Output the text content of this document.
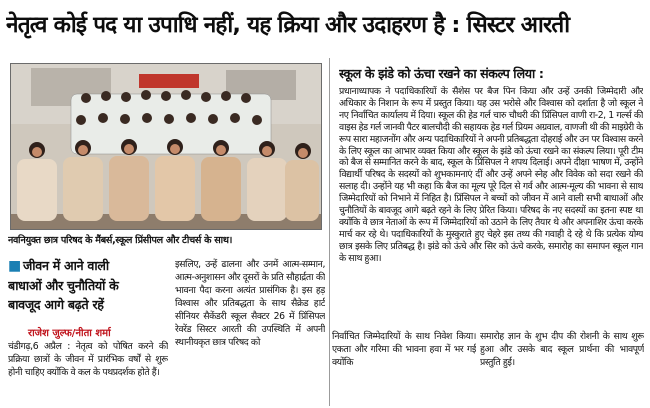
नेतृत्व कोई पद या उपाधि नहीं, यह क्रिया और उदाहरण है : सिस्टर आरती
नवनियुक्त छात्र परिषद के मैंबर्स,स्कूल प्रिंसीपल और टीचर्स के साथ।
■ जीवन में आने वाली
बाधाओं और चुनौतियों के
बावजूद आगे बढ़ते रहें
राजेश जुल्फ/नीता शर्मा

चंडीगढ़,6 अप्रैल : नेतृत्व को पोषित करने की प्रक्रिया छात्रों के जीवन में प्रारंभिक वर्षों से शुरू होनी चाहिए क्योंकि वे कल के पथप्रदर्शक होते हैं।

इसलिए, उन्हें ढालना और उनमें आत्म-सम्मान, आत्म-अनुशासन और दूसरों के प्रति सौहार्द्रता की भावना पैदा करना अत्यंत प्रासंगिक है। इस हड़ विश्वास और प्रतिबद्धता के साथ सैक्रेड हार्ट सीनियर सैकेंडरी स्कूल सैक्टर 26 में प्रिंसिपल रेवरेंड सिस्टर आरती की उपस्थिति में अपनी स्थानीयकृत छात्र परिषद को

स्कूल के झंडे को ऊंचा रखने का संकल्प लिया :
प्रधानाध्यापक ने पदाधिकारियों के सैशेस पर बैज पिन किया और उन्हें उनकी जिम्मेदारी और अधिकार के निशान के रूप में प्रस्तुत किया। यह उस भरोसे और विश्वास को दर्शाता है जो स्कूल ने नए निर्वाचित कार्यालय में दिया। स्कूल की हेड गर्ल चारु चौधरी की प्रिंसिपल वाणी रा-2, 1 गर्ल्स की वाइस हेड गर्ल जानवी पैटर बालचौदी की सहायक हेड गर्ल प्रियम अग्रवाल, वाणजी थी की माइग्रेरी के रूप सारा महाजनोंग और अन्य पदाधिकारियों ने अपनी प्रतिबद्धता दोहराई और उन पर विश्वास करने के लिए स्कूल का आभार व्यक्त किया और स्कूल के झंडे को ऊंचा रखने का संकल्प लिया। पूरी टीम को बैज से सम्मानित करने के बाद, स्कूल के प्रिंसिपल ने शपथ दिलाई। अपने दीक्षा भाषण में, उन्होंने विद्यार्थी परिषद के सदस्यों को शुभकामनाएं दीं और उन्हें अपने स्नेह और विवेक को सदा रखने की सलाह दी। उन्होंने यह भी कहा कि बैज का मूल्य पूरे दिल से गर्व और आत्म-मूल्य की भावना से साथ जिम्मेदारियों को निभाने में निहित है। प्रिंसिपल ने बच्चों को जीवन में आने वाली सभी बाधाओं और चुनौतियों के बावजूद आगे बढ़ते रहने के लिए प्रेरित किया। परिषद के नए सदस्यों का इतना स्पष्ट था क्योंकि वे छात्र नेताओं के रूप में जिम्मेदारियों को उठाने के लिए तैयार थे और अपनाशिर ऊंचा करके मार्च कर रहे थे। पदाधिकारियों के मुस्कुराते हुए चेहरे इस तथ्य की गवाही दे रहे थे कि प्रत्येक योग्य छात्र इसके लिए प्रतिबद्ध है। झंडे को ऊंचे और सिर को ऊंचे करके, समारोह का समापन स्कूल गान के साथ हुआ।

निर्वाचित जिम्मेदारियों के साथ निवेश किया। एकता और गरिमा की भावना हवा में भर गई क्योंकि

समारोह ज्ञान के शुभ दीप की रोशनी के साथ शुरू हुआ और उसके बाद स्कूल प्रार्थना की भावपूर्ण प्रस्तुति हुई।
